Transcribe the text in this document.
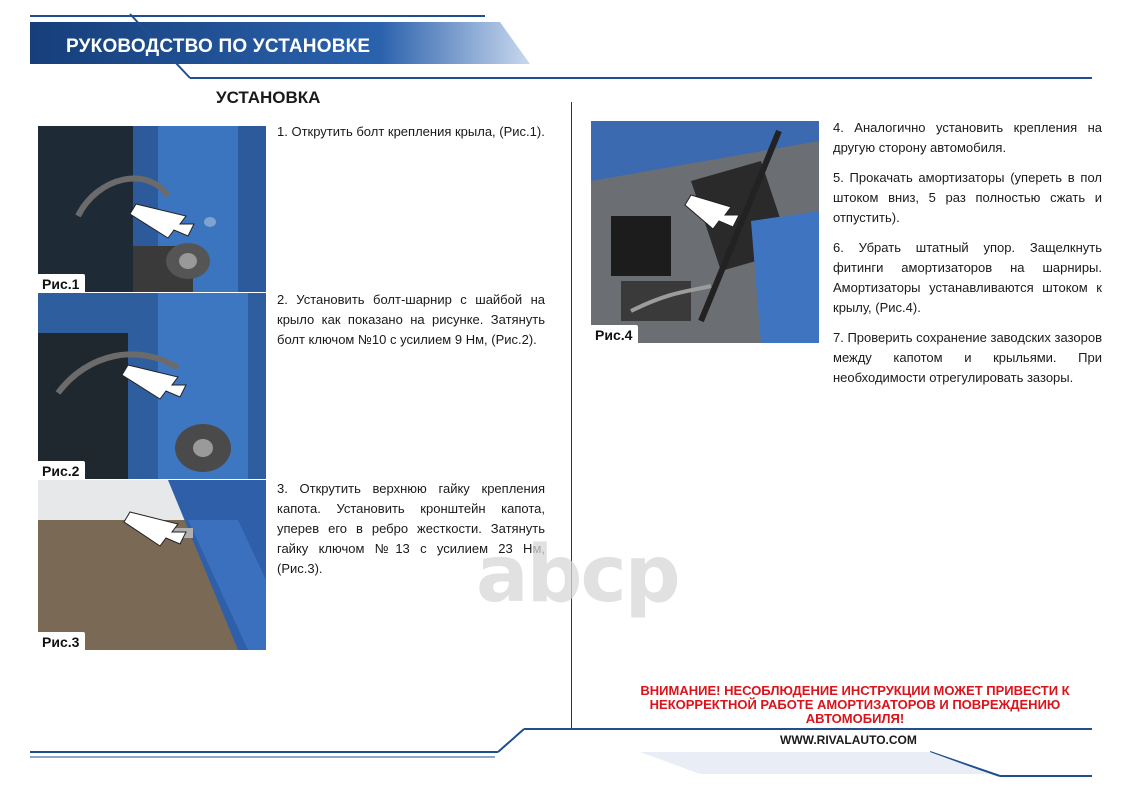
РУКОВОДСТВО ПО УСТАНОВКЕ
УСТАНОВКА
Рис.1
Рис.2
Рис.3
Рис.4
1. Открутить болт крепления крыла, (Рис.1).
2. Установить болт-шарнир с шайбой на крыло как показано на рисунке. Затянуть болт ключом №10 с усилием 9 Нм, (Рис.2).
3. Открутить верхнюю гайку крепления капота. Установить кронштейн капота, уперев его в ребро жесткости. Затянуть гайку ключом №13 с усилием 23 Нм, (Рис.3).
4. Аналогично установить крепления на другую сторону автомобиля.
5. Прокачать амортизаторы (упереть в пол штоком вниз, 5 раз полностью сжать и отпустить).
6. Убрать штатный упор. Защелкнуть фитинги амортизаторов на шарниры. Амортизаторы устанавливаются штоком к крылу, (Рис.4).
7. Проверить сохранение заводских зазоров между капотом и крыльями. При необходимости отрегулировать зазоры.
аbср
ВНИМАНИЕ! НЕСОБЛЮДЕНИЕ ИНСТРУКЦИИ МОЖЕТ ПРИВЕСТИ К
НЕКОРРЕКТНОЙ РАБОТЕ АМОРТИЗАТОРОВ И ПОВРЕЖДЕНИЮ
АВТОМОБИЛЯ!
WWW.RIVALAUTO.COM
